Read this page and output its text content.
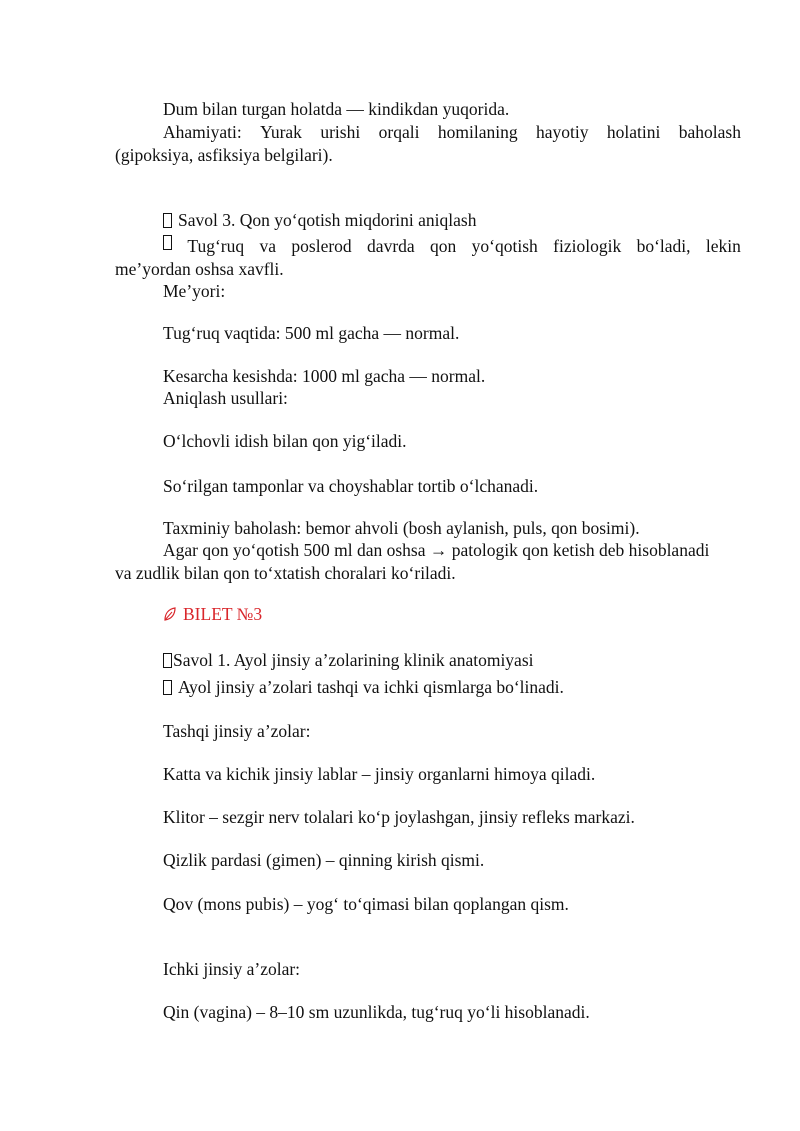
Dum bilan turgan holatda — kindikdan yuqorida.
Ahamiyati: Yurak urishi orqali homilaning hayotiy holatini baholash
(gipoksiya, asfiksiya belgilari).
Savol 3. Qon yo‘qotish miqdorini aniqlash
Tug‘ruq va poslerod davrda qon yo‘qotish fiziologik bo‘ladi, lekin
me’yordan oshsa xavfli.
Me’yori:
Tug‘ruq vaqtida: 500 ml gacha — normal.
Kesarcha kesishda: 1000 ml gacha — normal.
Aniqlash usullari:
O‘lchovli idish bilan qon yig‘iladi.
So‘rilgan tamponlar va choyshablar tortib o‘lchanadi.
Taxminiy baholash: bemor ahvoli (bosh aylanish, puls, qon bosimi).
Agar qon yo‘qotish 500 ml dan oshsa → patologik qon ketish deb hisoblanadi
va zudlik bilan qon to‘xtatish choralari ko‘riladi.
BILET №3
Savol 1. Ayol jinsiy a’zolarining klinik anatomiyasi
Ayol jinsiy a’zolari tashqi va ichki qismlarga bo‘linadi.
Tashqi jinsiy a’zolar:
Katta va kichik jinsiy lablar – jinsiy organlarni himoya qiladi.
Klitor – sezgir nerv tolalari ko‘p joylashgan, jinsiy refleks markazi.
Qizlik pardasi (gimen) – qinning kirish qismi.
Qov (mons pubis) – yog‘ to‘qimasi bilan qoplangan qism.
Ichki jinsiy a’zolar:
Qin (vagina) – 8–10 sm uzunlikda, tug‘ruq yo‘li hisoblanadi.
